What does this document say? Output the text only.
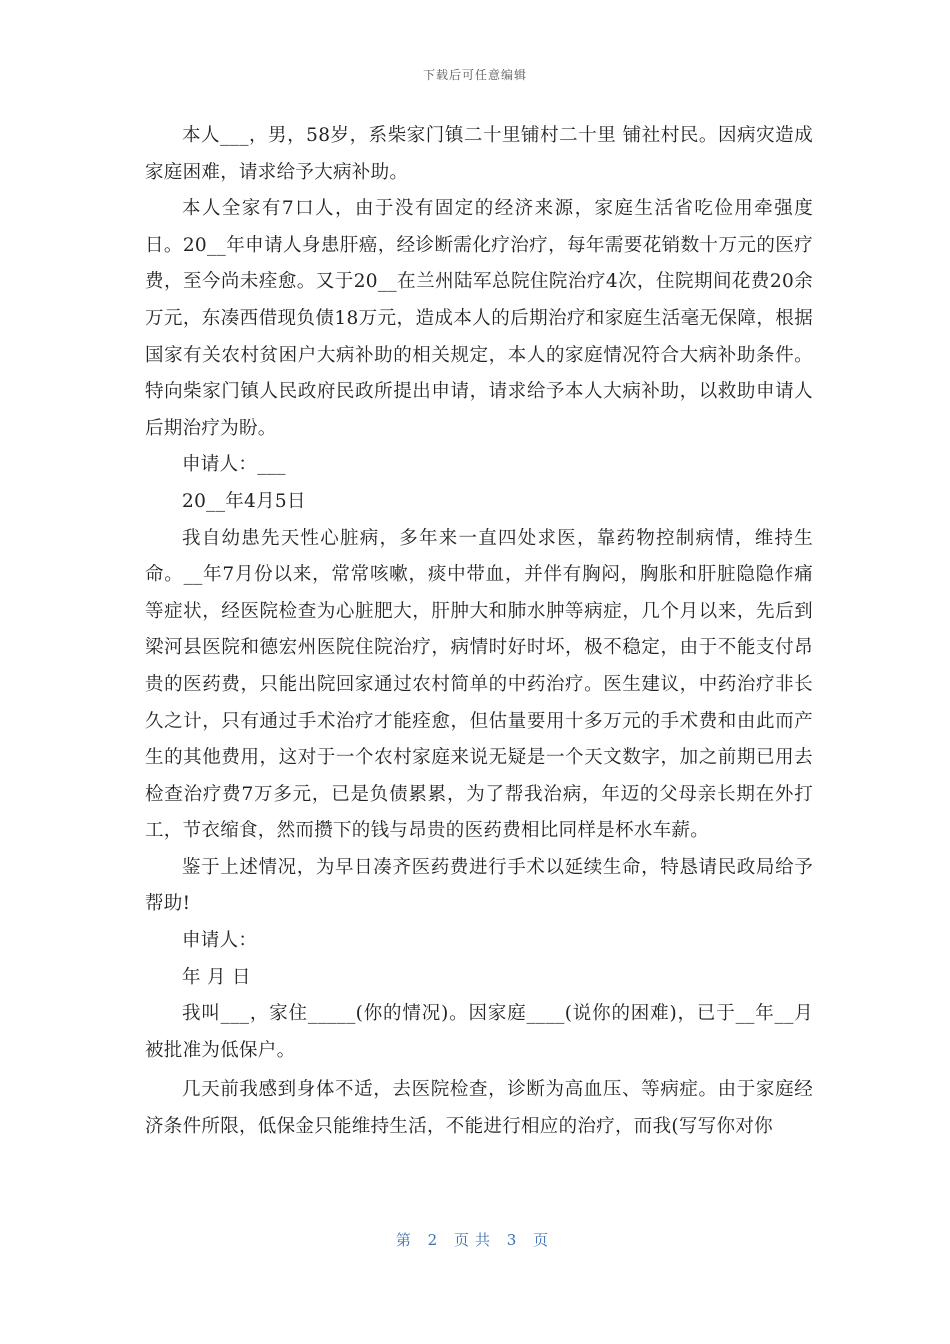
下载后可任意编辑

本人___，男，58岁，系柴家门镇二十里铺村二十里 铺社村民。因病灾造成家庭困难，请求给予大病补助。

本人全家有7口人，由于没有固定的经济来源，家庭生活省吃俭用牵强度日。20__年申请人身患肝癌，经诊断需化疗治疗，每年需要花销数十万元的医疗费，至今尚未痊愈。又于20__在兰州陆军总院住院治疗4次，住院期间花费20余万元，东凑西借现负债18万元，造成本人的后期治疗和家庭生活毫无保障，根据国家有关农村贫困户大病补助的相关规定，本人的家庭情况符合大病补助条件。特向柴家门镇人民政府民政所提出申请，请求给予本人大病补助，以救助申请人后期治疗为盼。

申请人：___

20__年4月5日

我自幼患先天性心脏病，多年来一直四处求医，靠药物控制病情，维持生命。__年7月份以来，常常咳嗽，痰中带血，并伴有胸闷，胸胀和肝脏隐隐作痛等症状，经医院检查为心脏肥大，肝肿大和肺水肿等病症，几个月以来，先后到梁河县医院和德宏州医院住院治疗，病情时好时坏，极不稳定，由于不能支付昂贵的医药费，只能出院回家通过农村简单的中药治疗。医生建议，中药治疗非长久之计，只有通过手术治疗才能痊愈，但估量要用十多万元的手术费和由此而产生的其他费用，这对于一个农村家庭来说无疑是一个天文数字，加之前期已用去检查治疗费7万多元，已是负债累累，为了帮我治病，年迈的父母亲长期在外打工，节衣缩食，然而攒下的钱与昂贵的医药费相比同样是杯水车薪。

鉴于上述情况，为早日凑齐医药费进行手术以延续生命，特恳请民政局给予帮助!

申请人：

年 月 日

我叫___，家住_____(你的情况)。因家庭____(说你的困难)，已于__年__月被批准为低保户。

几天前我感到身体不适，去医院检查，诊断为高血压、等病症。由于家庭经济条件所限，低保金只能维持生活，不能进行相应的治疗，而我(写写你对你

第 2 页共 3 页
